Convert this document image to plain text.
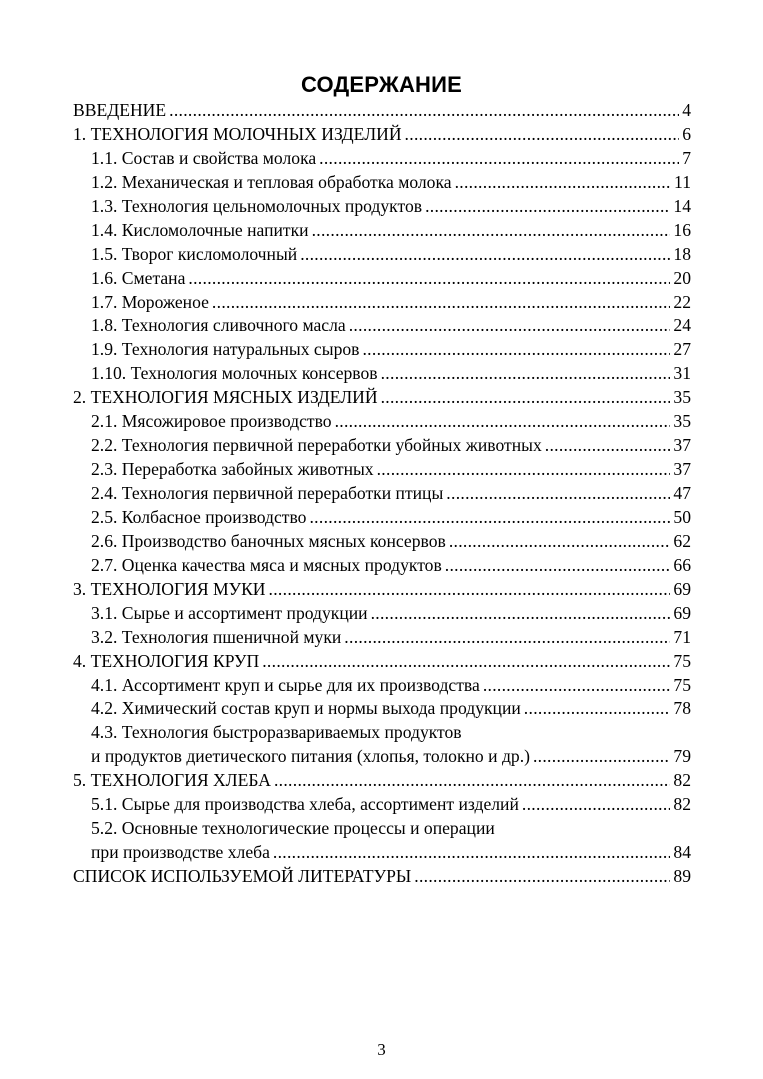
СОДЕРЖАНИЕ
ВВЕДЕНИЕ .....	4
1. ТЕХНОЛОГИЯ МОЛОЧНЫХ ИЗДЕЛИЙ .....	6
1.1. Состав и свойства молока .....	7
1.2. Механическая и тепловая обработка молока .....	11
1.3. Технология цельномолочных продуктов .....	14
1.4. Кисломолочные напитки .....	16
1.5. Творог кисломолочный .....	18
1.6. Сметана .....	20
1.7. Мороженое .....	22
1.8. Технология сливочного масла .....	24
1.9. Технология натуральных сыров .....	27
1.10. Технология молочных консервов .....	31
2. ТЕХНОЛОГИЯ МЯСНЫХ ИЗДЕЛИЙ .....	35
2.1. Мясожировое производство .....	35
2.2. Технология первичной переработки убойных животных .....	37
2.3. Переработка забойных животных .....	37
2.4. Технология первичной переработки птицы .....	47
2.5. Колбасное производство .....	50
2.6. Производство баночных мясных консервов .....	62
2.7. Оценка качества мяса и мясных продуктов .....	66
3. ТЕХНОЛОГИЯ МУКИ .....	69
3.1. Сырье и ассортимент продукции .....	69
3.2. Технология пшеничной муки .....	71
4. ТЕХНОЛОГИЯ КРУП .....	75
4.1. Ассортимент круп и сырье для их производства .....	75
4.2. Химический состав круп и нормы выхода продукции .....	78
4.3. Технология быстроразвариваемых продуктов
и продуктов диетического питания (хлопья, толокно и др.) .....	79
5. ТЕХНОЛОГИЯ ХЛЕБА .....	82
5.1. Сырье для производства хлеба, ассортимент изделий .....	82
5.2. Основные технологические процессы и операции
при производстве хлеба .....	84
СПИСОК ИСПОЛЬЗУЕМОЙ ЛИТЕРАТУРЫ .....	89
3
